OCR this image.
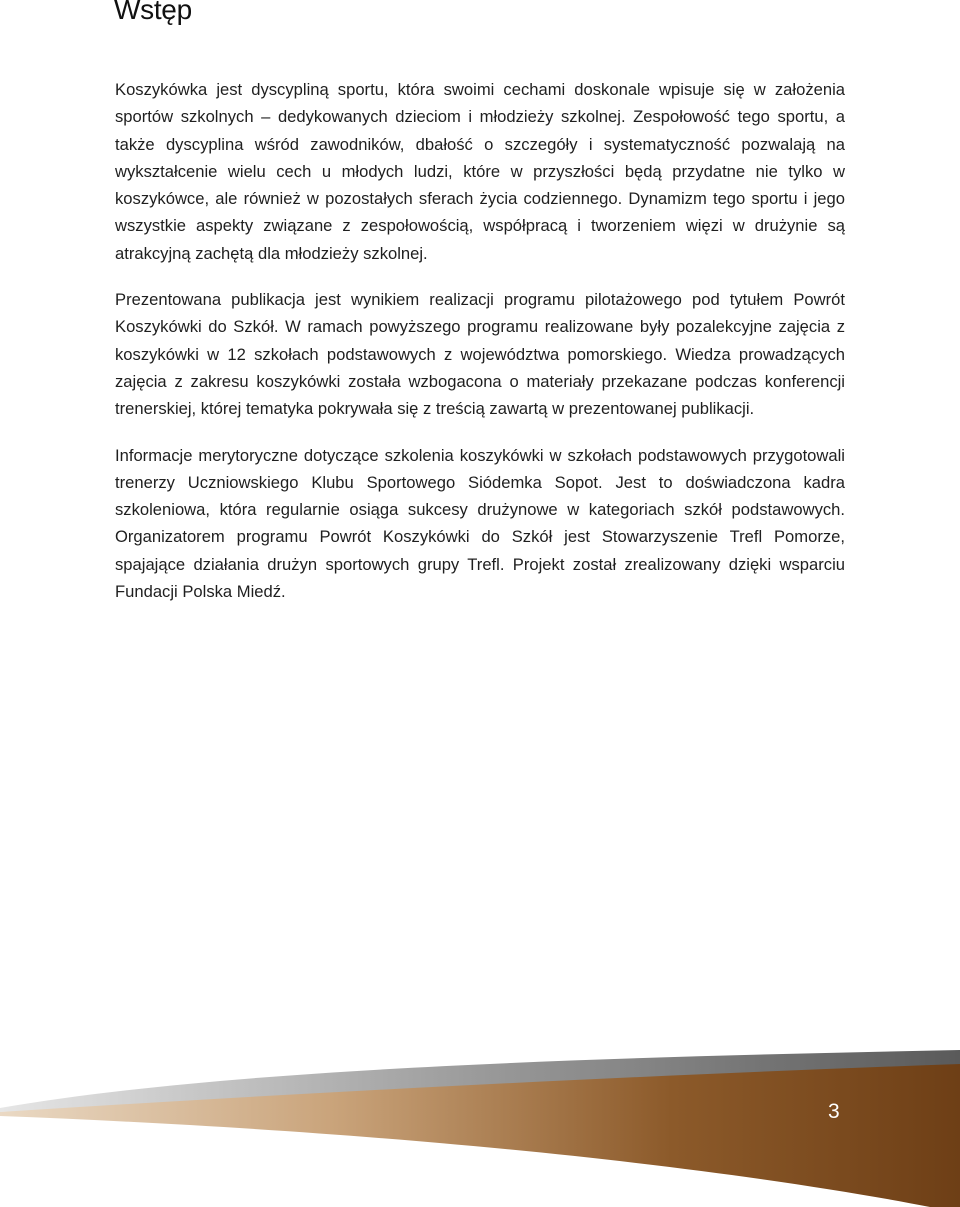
Wstęp

Koszykówka jest dyscypliną sportu, która swoimi cechami doskonale wpisuje się w założenia sportów szkolnych – dedykowanych dzieciom i młodzieży szkolnej. Zespołowość tego sportu, a także dyscyplina wśród zawodników, dbałość o szczegóły i systematyczność pozwalają na wykształcenie wielu cech u młodych ludzi, które w przyszłości będą przydatne nie tylko w koszykówce, ale również w pozostałych sferach życia codziennego. Dynamizm tego sportu i jego wszystkie aspekty związane z zespołowością, współpracą i tworzeniem więzi w drużynie są atrakcyjną zachętą dla młodzieży szkolnej.

Prezentowana publikacja jest wynikiem realizacji programu pilotażowego pod tytułem Powrót Koszykówki do Szkół. W ramach powyższego programu realizowane były pozalekcyjne zajęcia z koszykówki w 12 szkołach podstawowych z województwa pomorskiego. Wiedza prowadzących zajęcia z zakresu koszykówki została wzbogacona o materiały przekazane podczas konferencji trenerskiej, której tematyka pokrywała się z treścią zawartą w prezentowanej publikacji.

Informacje merytoryczne dotyczące szkolenia koszykówki w szkołach podstawowych przygotowali trenerzy Uczniowskiego Klubu Sportowego Siódemka Sopot. Jest to doświadczona kadra szkoleniowa, która regularnie osiąga sukcesy drużynowe w kategoriach szkół podstawowych. Organizatorem programu Powrót Koszykówki do Szkół jest Stowarzyszenie Trefl Pomorze, spajające działania drużyn sportowych grupy Trefl. Projekt został zrealizowany dzięki wsparciu Fundacji Polska Miedź.

3
